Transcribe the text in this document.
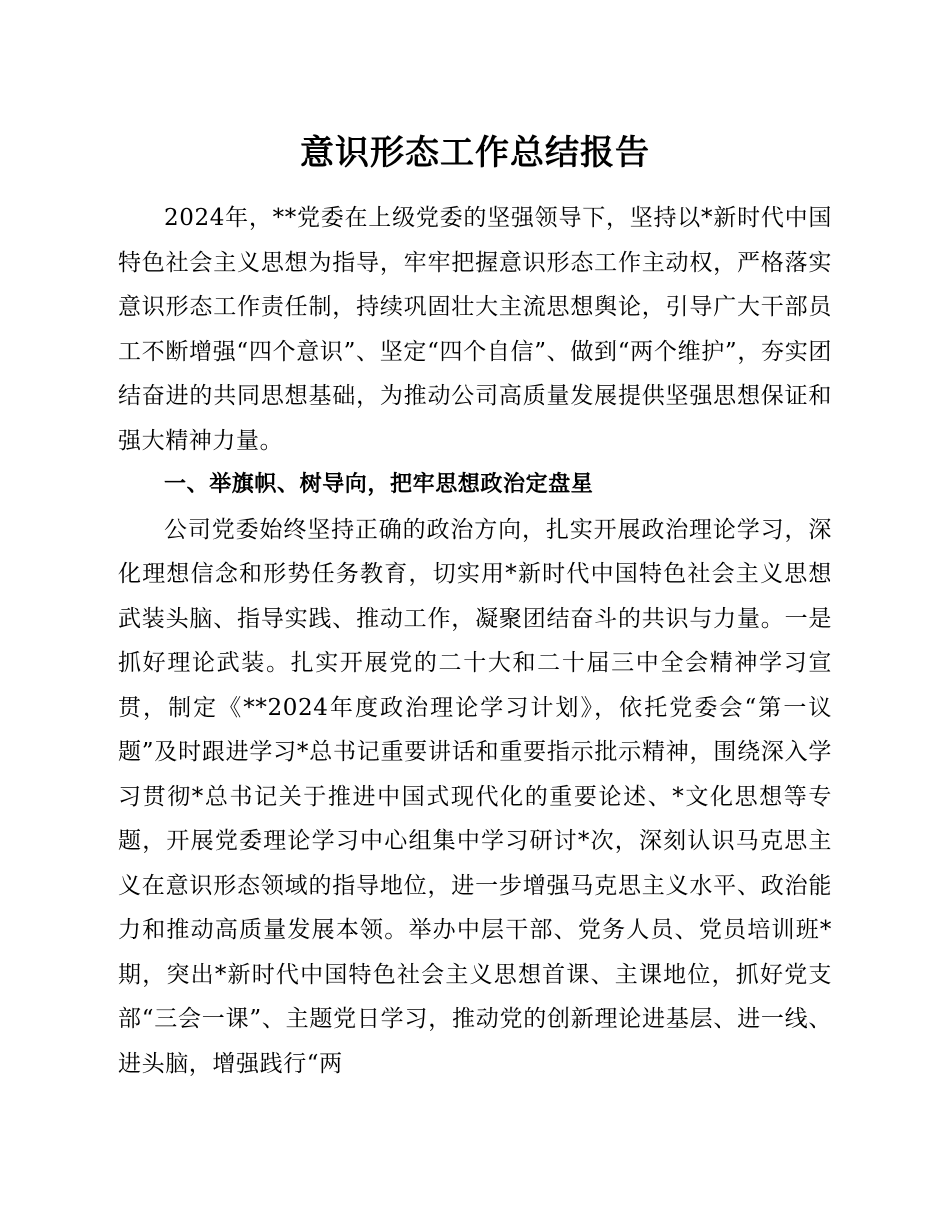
意识形态工作总结报告

2024年，**党委在上级党委的坚强领导下，坚持以*新时代中国特色社会主义思想为指导，牢牢把握意识形态工作主动权，严格落实意识形态工作责任制，持续巩固壮大主流思想舆论，引导广大干部员工不断增强“四个意识”、坚定“四个自信”、做到“两个维护”，夯实团结奋进的共同思想基础，为推动公司高质量发展提供坚强思想保证和强大精神力量。

一、举旗帜、树导向，把牢思想政治定盘星

公司党委始终坚持正确的政治方向，扎实开展政治理论学习，深化理想信念和形势任务教育，切实用*新时代中国特色社会主义思想武装头脑、指导实践、推动工作，凝聚团结奋斗的共识与力量。一是抓好理论武装。扎实开展党的二十大和二十届三中全会精神学习宣贯，制定《**2024年度政治理论学习计划》，依托党委会“第一议题”及时跟进学习*总书记重要讲话和重要指示批示精神，围绕深入学习贯彻*总书记关于推进中国式现代化的重要论述、*文化思想等专题，开展党委理论学习中心组集中学习研讨*次，深刻认识马克思主义在意识形态领域的指导地位，进一步增强马克思主义水平、政治能力和推动高质量发展本领。举办中层干部、党务人员、党员培训班*期，突出*新时代中国特色社会主义思想首课、主课地位，抓好党支部“三会一课”、主题党日学习，推动党的创新理论进基层、进一线、进头脑，增强践行“两
